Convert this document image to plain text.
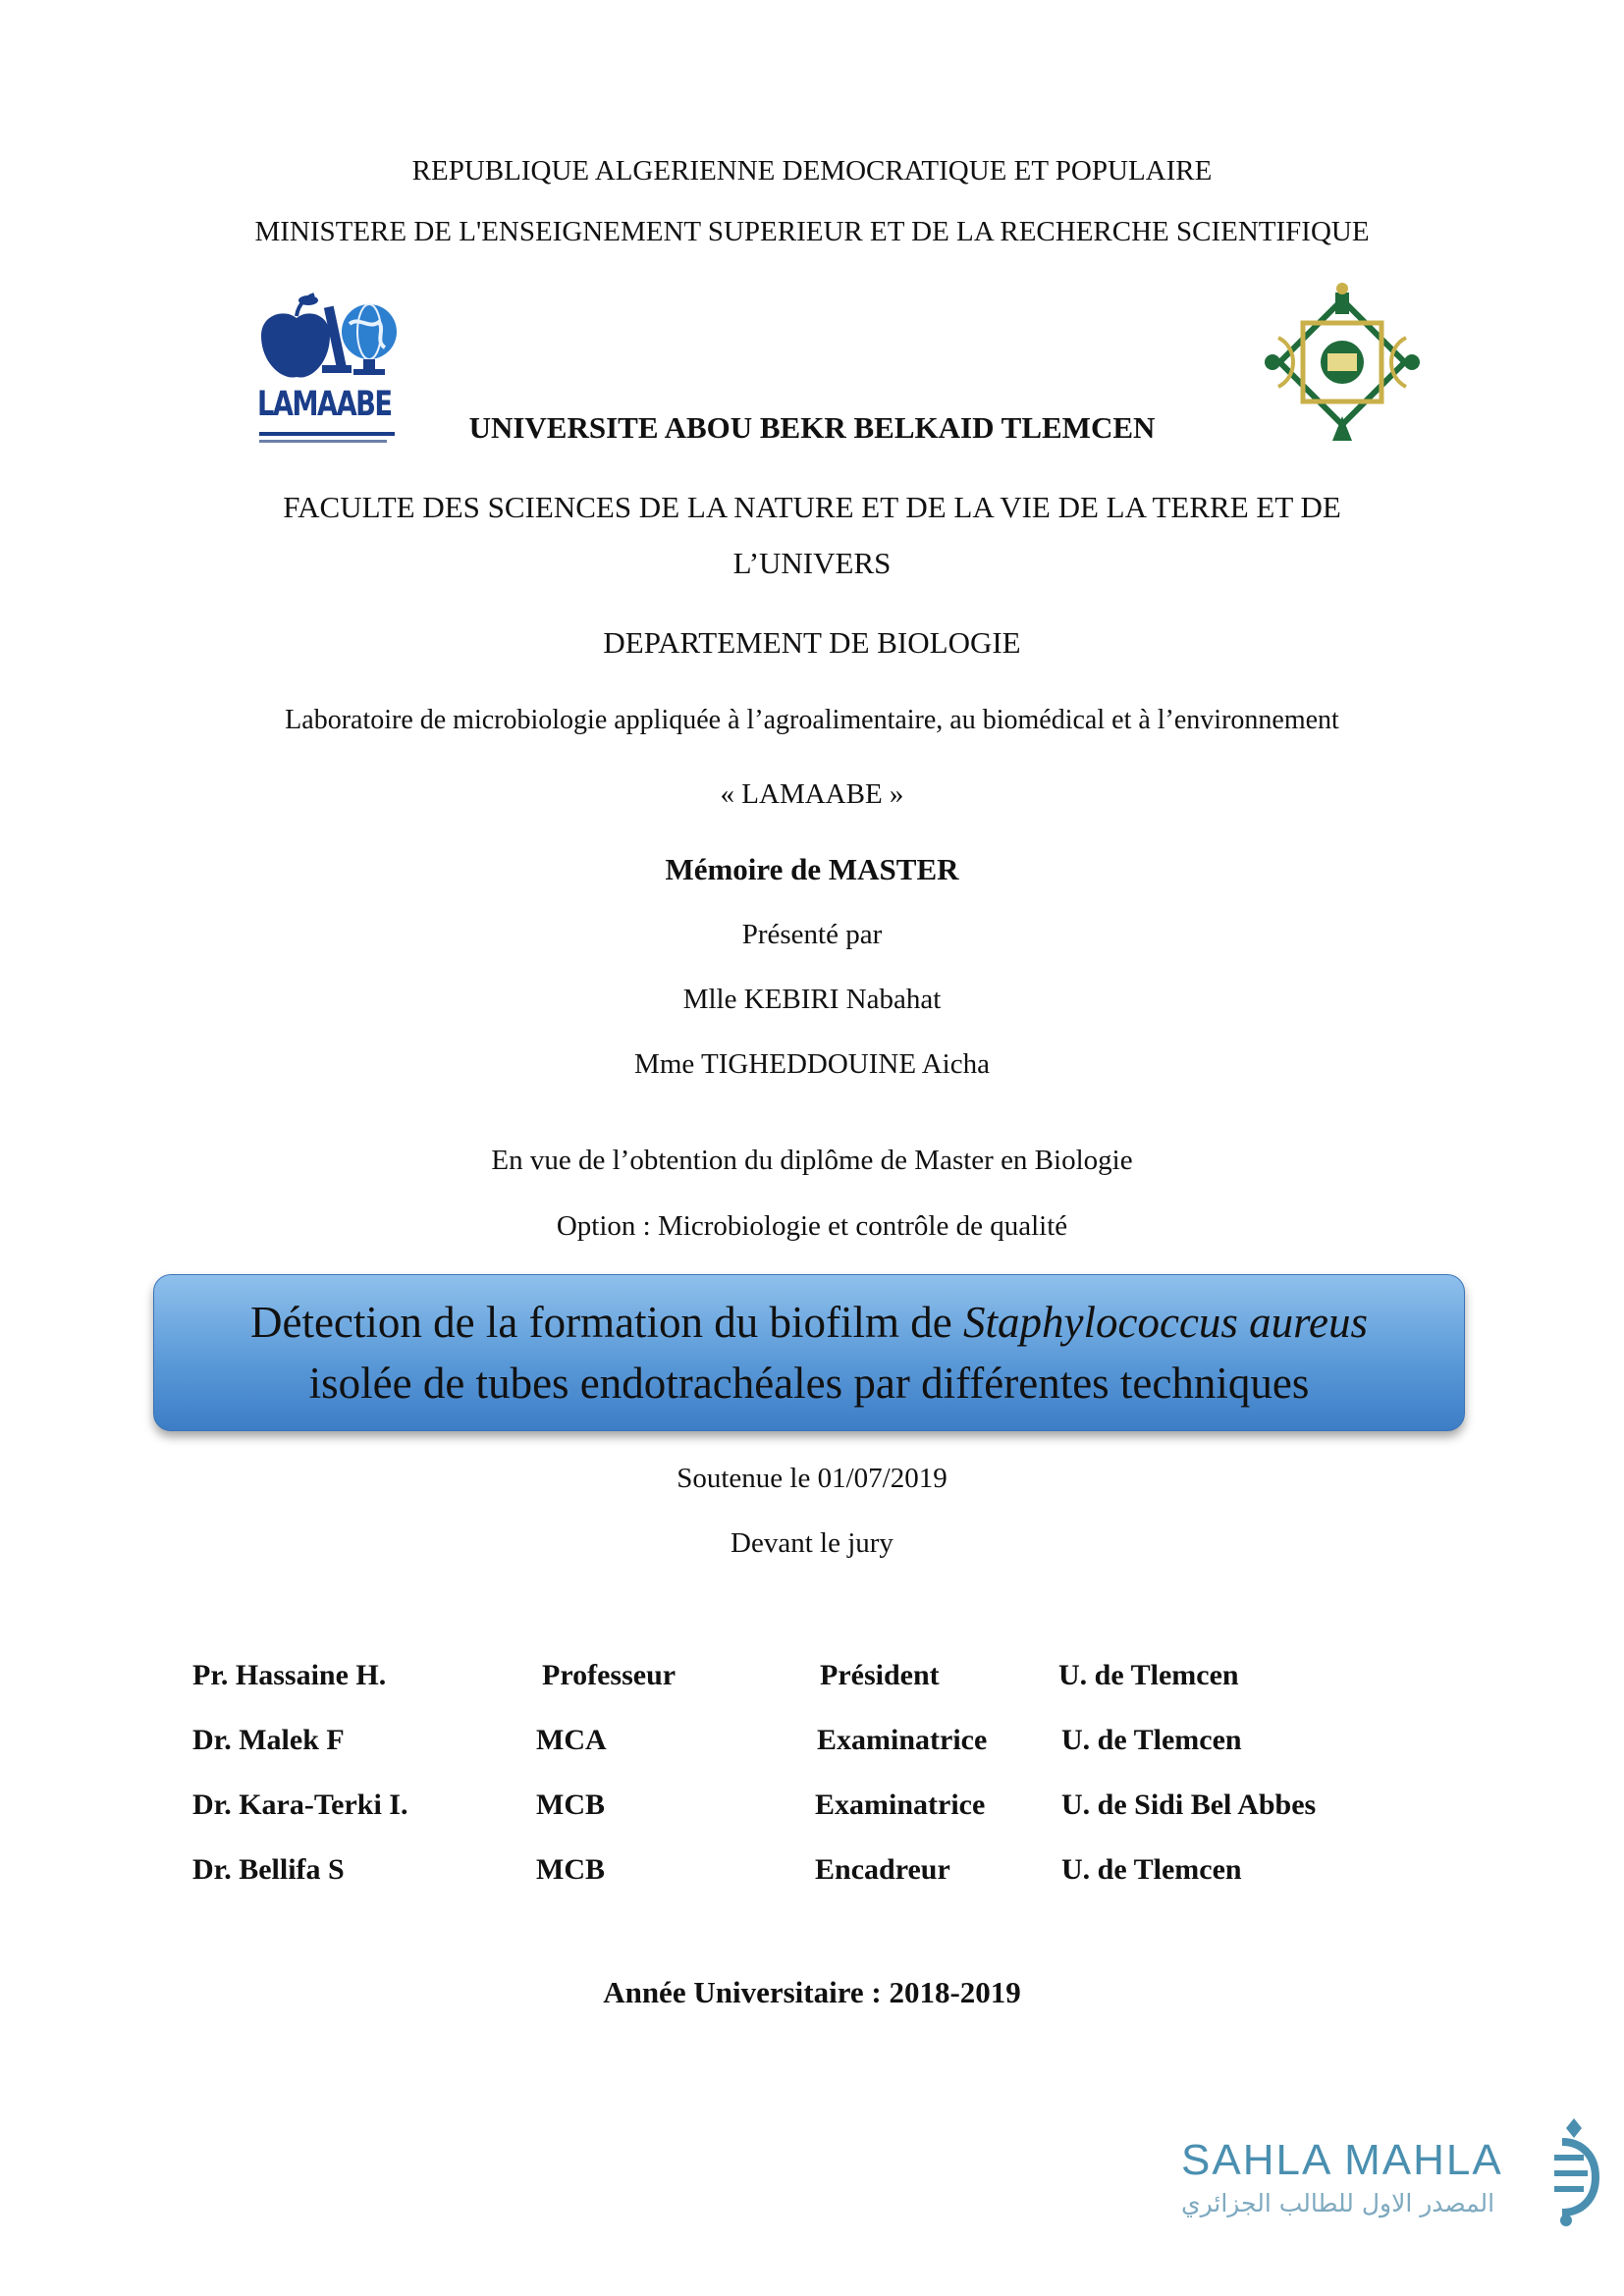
REPUBLIQUE ALGERIENNE DEMOCRATIQUE ET POPULAIRE
MINISTERE DE L'ENSEIGNEMENT SUPERIEUR ET DE LA RECHERCHE SCIENTIFIQUE
LAMAABE
UNIVERSITE ABOU BEKR BELKAID TLEMCEN
FACULTE DES SCIENCES DE LA NATURE ET DE LA VIE DE LA TERRE ET DE
L’UNIVERS
DEPARTEMENT DE BIOLOGIE
Laboratoire de microbiologie appliquée à l’agroalimentaire, au biomédical et à l’environnement
« LAMAABE »
Mémoire de MASTER
Présenté par
Mlle KEBIRI Nabahat
Mme TIGHEDDOUINE Aicha
En vue de l’obtention du diplôme de Master en Biologie
Option : Microbiologie et contrôle de qualité
Détection de la formation du biofilm de Staphylococcus aureus
isolée de tubes endotrachéales par différentes techniques
Soutenue le 01/07/2019
Devant le jury
Pr. Hassaine H.	Professeur	Président	U. de Tlemcen
Dr. Malek F	MCA	Examinatrice	U. de Tlemcen
Dr. Kara-Terki I.	MCB	Examinatrice	U. de Sidi Bel Abbes
Dr. Bellifa S	MCB	Encadreur	U. de Tlemcen
Année Universitaire : 2018-2019
SAHLA MAHLA
المصدر الاول للطالب الجزائري
